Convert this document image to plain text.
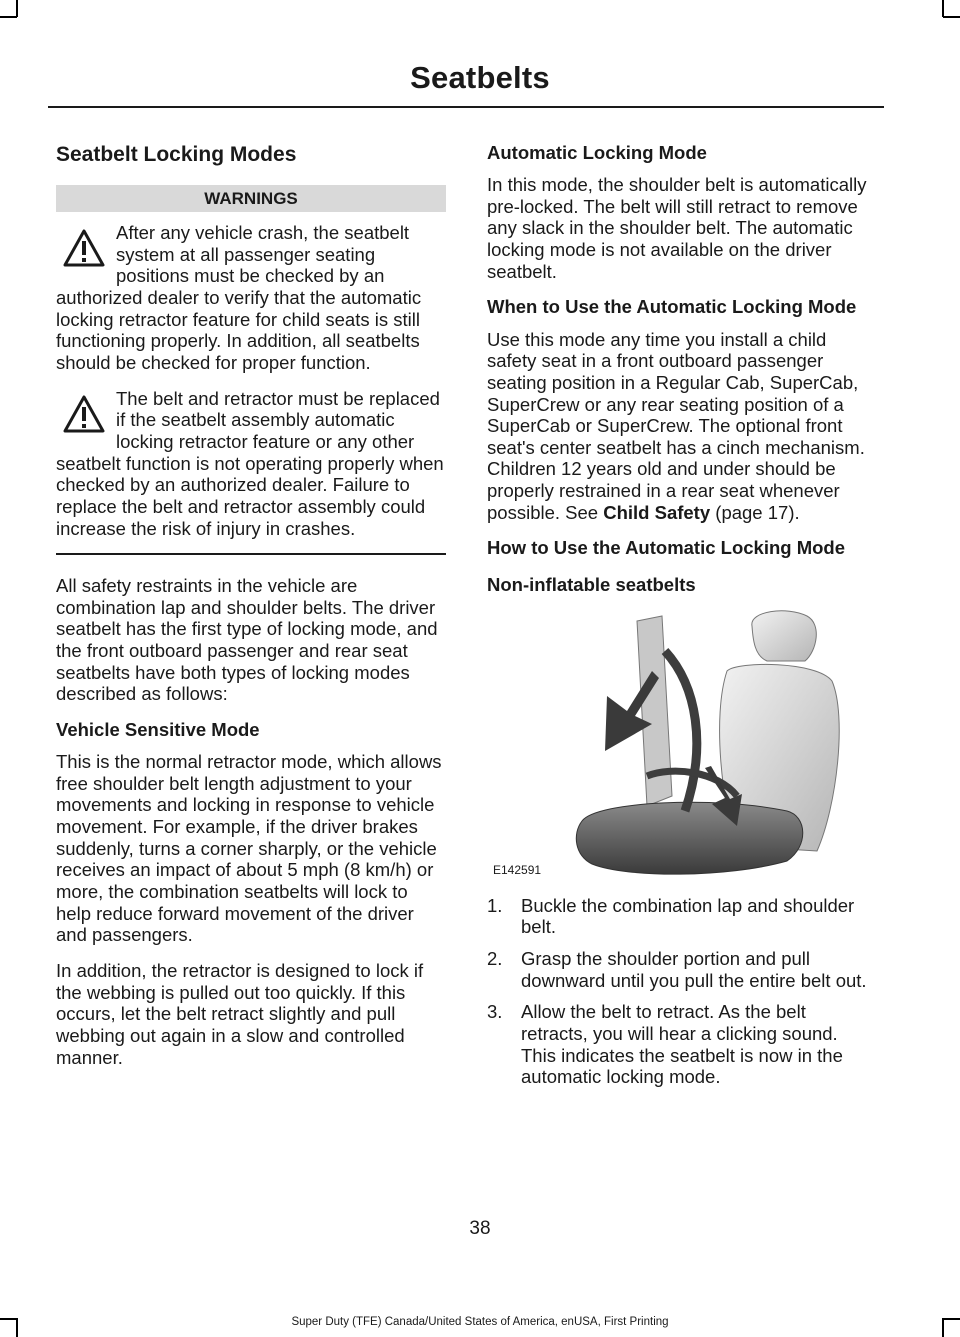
Seatbelts
Seatbelt Locking Modes
WARNINGS
After any vehicle crash, the seatbelt system at all passenger seating positions must be checked by an authorized dealer to verify that the automatic locking retractor feature for child seats is still functioning properly. In addition, all seatbelts should be checked for proper function.
The belt and retractor must be replaced if the seatbelt assembly automatic locking retractor feature or any other seatbelt function is not operating properly when checked by an authorized dealer. Failure to replace the belt and retractor assembly could increase the risk of injury in crashes.

All safety restraints in the vehicle are combination lap and shoulder belts. The driver seatbelt has the first type of locking mode, and the front outboard passenger and rear seat seatbelts have both types of locking modes described as follows:

Vehicle Sensitive Mode

This is the normal retractor mode, which allows free shoulder belt length adjustment to your movements and locking in response to vehicle movement. For example, if the driver brakes suddenly, turns a corner sharply, or the vehicle receives an impact of about 5 mph (8 km/h) or more, the combination seatbelts will lock to help reduce forward movement of the driver and passengers.

In addition, the retractor is designed to lock if the webbing is pulled out too quickly. If this occurs, let the belt retract slightly and pull webbing out again in a slow and controlled manner.

Automatic Locking Mode

In this mode, the shoulder belt is automatically pre-locked. The belt will still retract to remove any slack in the shoulder belt. The automatic locking mode is not available on the driver seatbelt.

When to Use the Automatic Locking Mode

Use this mode any time you install a child safety seat in a front outboard passenger seating position in a Regular Cab, SuperCab, SuperCrew or any rear seating position of a SuperCab or SuperCrew. The optional front seat's center seatbelt has a cinch mechanism. Children 12 years old and under should be properly restrained in a rear seat whenever possible. See Child Safety (page 17).

How to Use the Automatic Locking Mode
Non-inflatable seatbelts
E142591
1. Buckle the combination lap and shoulder belt.
2. Grasp the shoulder portion and pull downward until you pull the entire belt out.
3. Allow the belt to retract. As the belt retracts, you will hear a clicking sound. This indicates the seatbelt is now in the automatic locking mode.
38
Super Duty (TFE) Canada/United States of America, enUSA, First Printing
